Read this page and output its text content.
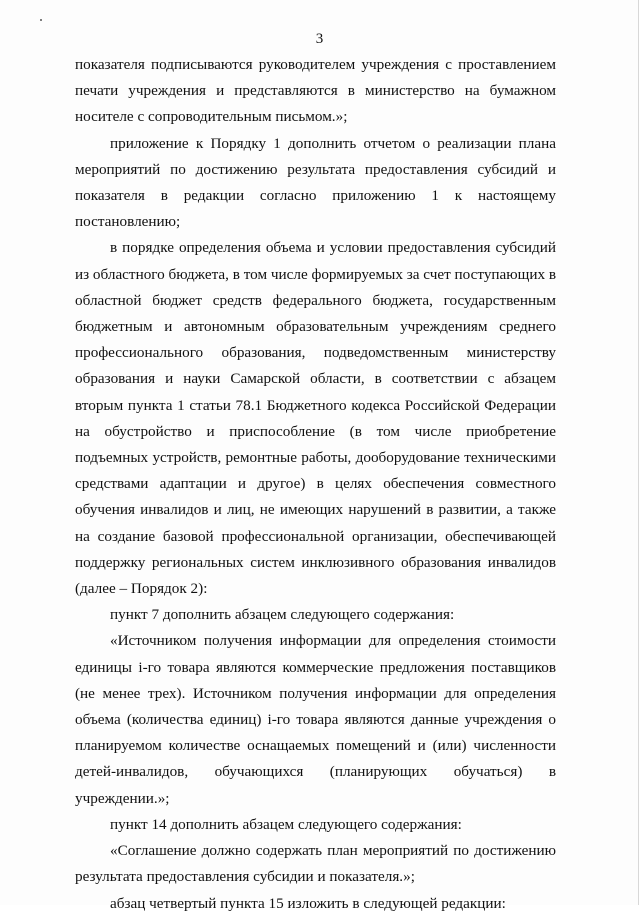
3

показателя подписываются руководителем учреждения с проставлением печати учреждения и представляются в министерство на бумажном носителе с сопроводительным письмом.»;

приложение к Порядку 1 дополнить отчетом о реализации плана мероприятий по достижению результата предоставления субсидий и показателя в редакции согласно приложению 1 к настоящему постановлению;

в порядке определения объема и условии предоставления субсидий из областного бюджета, в том числе формируемых за счет поступающих в областной бюджет средств федерального бюджета, государственным бюджетным и автономным образовательным учреждениям среднего профессионального образования, подведомственным министерству образования и науки Самарской области, в соответствии с абзацем вторым пункта 1 статьи 78.1 Бюджетного кодекса Российской Федерации на обустройство и приспособление (в том числе приобретение подъемных устройств, ремонтные работы, дооборудование техническими средствами адаптации и другое) в целях обеспечения совместного обучения инвалидов и лиц, не имеющих нарушений в развитии, а также на создание базовой профессиональной организации, обеспечивающей поддержку региональных систем инклюзивного образования инвалидов (далее – Порядок 2):

пункт 7 дополнить абзацем следующего содержания:

«Источником получения информации для определения стоимости единицы i-го товара являются коммерческие предложения поставщиков (не менее трех). Источником получения информации для определения объема (количества единиц) i-го товара являются данные учреждения о планируемом количестве оснащаемых помещений и (или) численности детей-инвалидов, обучающихся (планирующих обучаться) в учреждении.»;

пункт 14 дополнить абзацем следующего содержания:

«Соглашение должно содержать план мероприятий по достижению результата предоставления субсидии и показателя.»;

абзац четвертый пункта 15 изложить в следующей редакции:
